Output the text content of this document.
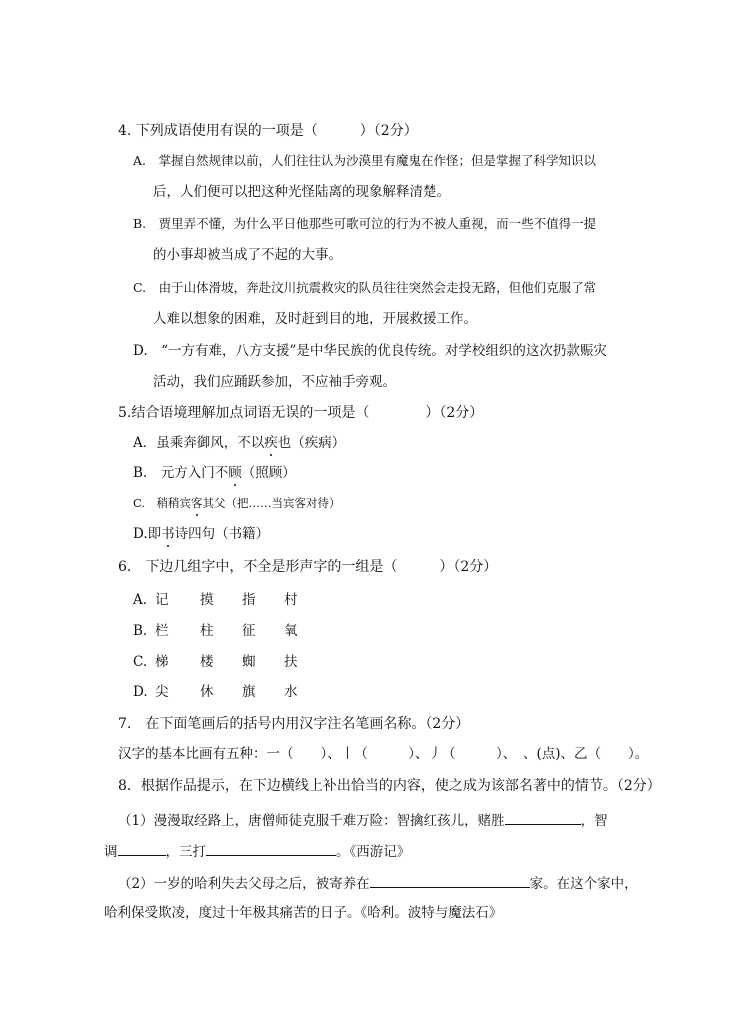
4. 下列成语使用有误的一项是（　　　）（2分）
A.　掌握自然规律以前，人们往往认为沙漠里有魔鬼在作怪；但是掌握了科学知识以
后，人们便可以把这种光怪陆离的现象解释清楚。
B.　贾里弄不懂，为什么平日他那些可歌可泣的行为不被人重视，而一些不值得一提
的小事却被当成了不起的大事。
C.　由于山体滑坡，奔赴汶川抗震救灾的队员往往突然会走投无路，但他们克服了常
人难以想象的困难，及时赶到目的地，开展救援工作。
D.　“一方有难，八方支援”是中华民族的优良传统。对学校组织的这次扔款赈灾
活动，我们应踊跃参加，不应袖手旁观。
5.结合语境理解加点词语无误的一项是（　　　　）（2分）
A．虽乘奔御风，不以疾也（疾病）
B.　元方入门不顾（照顾）
C.　稍稍宾客其父（把……当宾客对待）
D.即书诗四句（书籍）
6.　下边几组字中，不全是形声字的一组是（　　　）（2分）
A. 记 摸 指 村
B. 栏 柱 征 氧
C. 梯 楼 蜘 扶
D. 尖 休 旗 水
7.　在下面笔画后的括号内用汉字注名笔画名称。（2分）
汉字的基本比画有五种：一（　　）、丨（　　　）、丿（　　　）、　、(点)、乙（　　）。
8．根据作品提示，在下边横线上补出恰当的内容，使之成为该部名著中的情节。（2分）
（1）漫漫取经路上，唐僧师徒克服千难万险：智擒红孩儿，赌胜	，智
调	，三打	。《西游记》
（2）一岁的哈利失去父母之后，被寄养在	家。在这个家中，
哈利保受欺凌，度过十年极其痛苦的日子。《哈利。波特与魔法石》
